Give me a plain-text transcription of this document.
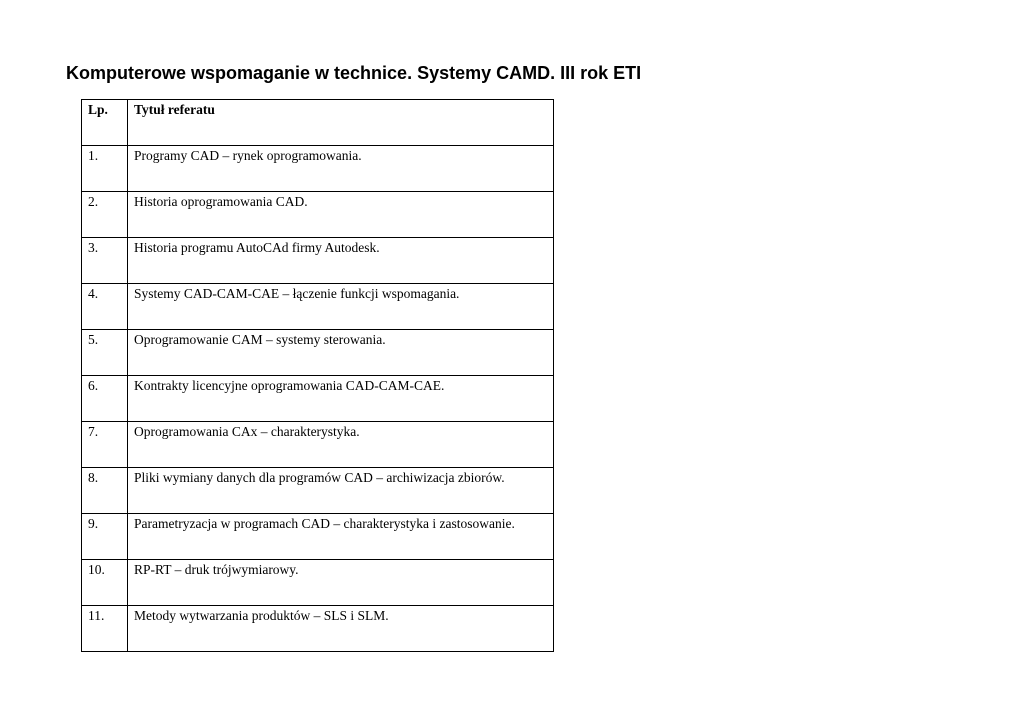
Komputerowe wspomaganie w technice. Systemy CAMD. III rok ETI
Lp.	Tytuł referatu
1.	Programy CAD – rynek oprogramowania.
2.	Historia oprogramowania CAD.
3.	Historia programu AutoCAd firmy Autodesk.
4.	Systemy CAD-CAM-CAE – łączenie funkcji wspomagania.
5.	Oprogramowanie CAM – systemy sterowania.
6.	Kontrakty licencyjne oprogramowania CAD-CAM-CAE.
7.	Oprogramowania CAx – charakterystyka.
8.	Pliki wymiany danych dla programów CAD – archiwizacja zbiorów.
9.	Parametryzacja w programach CAD – charakterystyka i zastosowanie.
10.	RP-RT – druk trójwymiarowy.
11.	Metody wytwarzania produktów – SLS i SLM.
